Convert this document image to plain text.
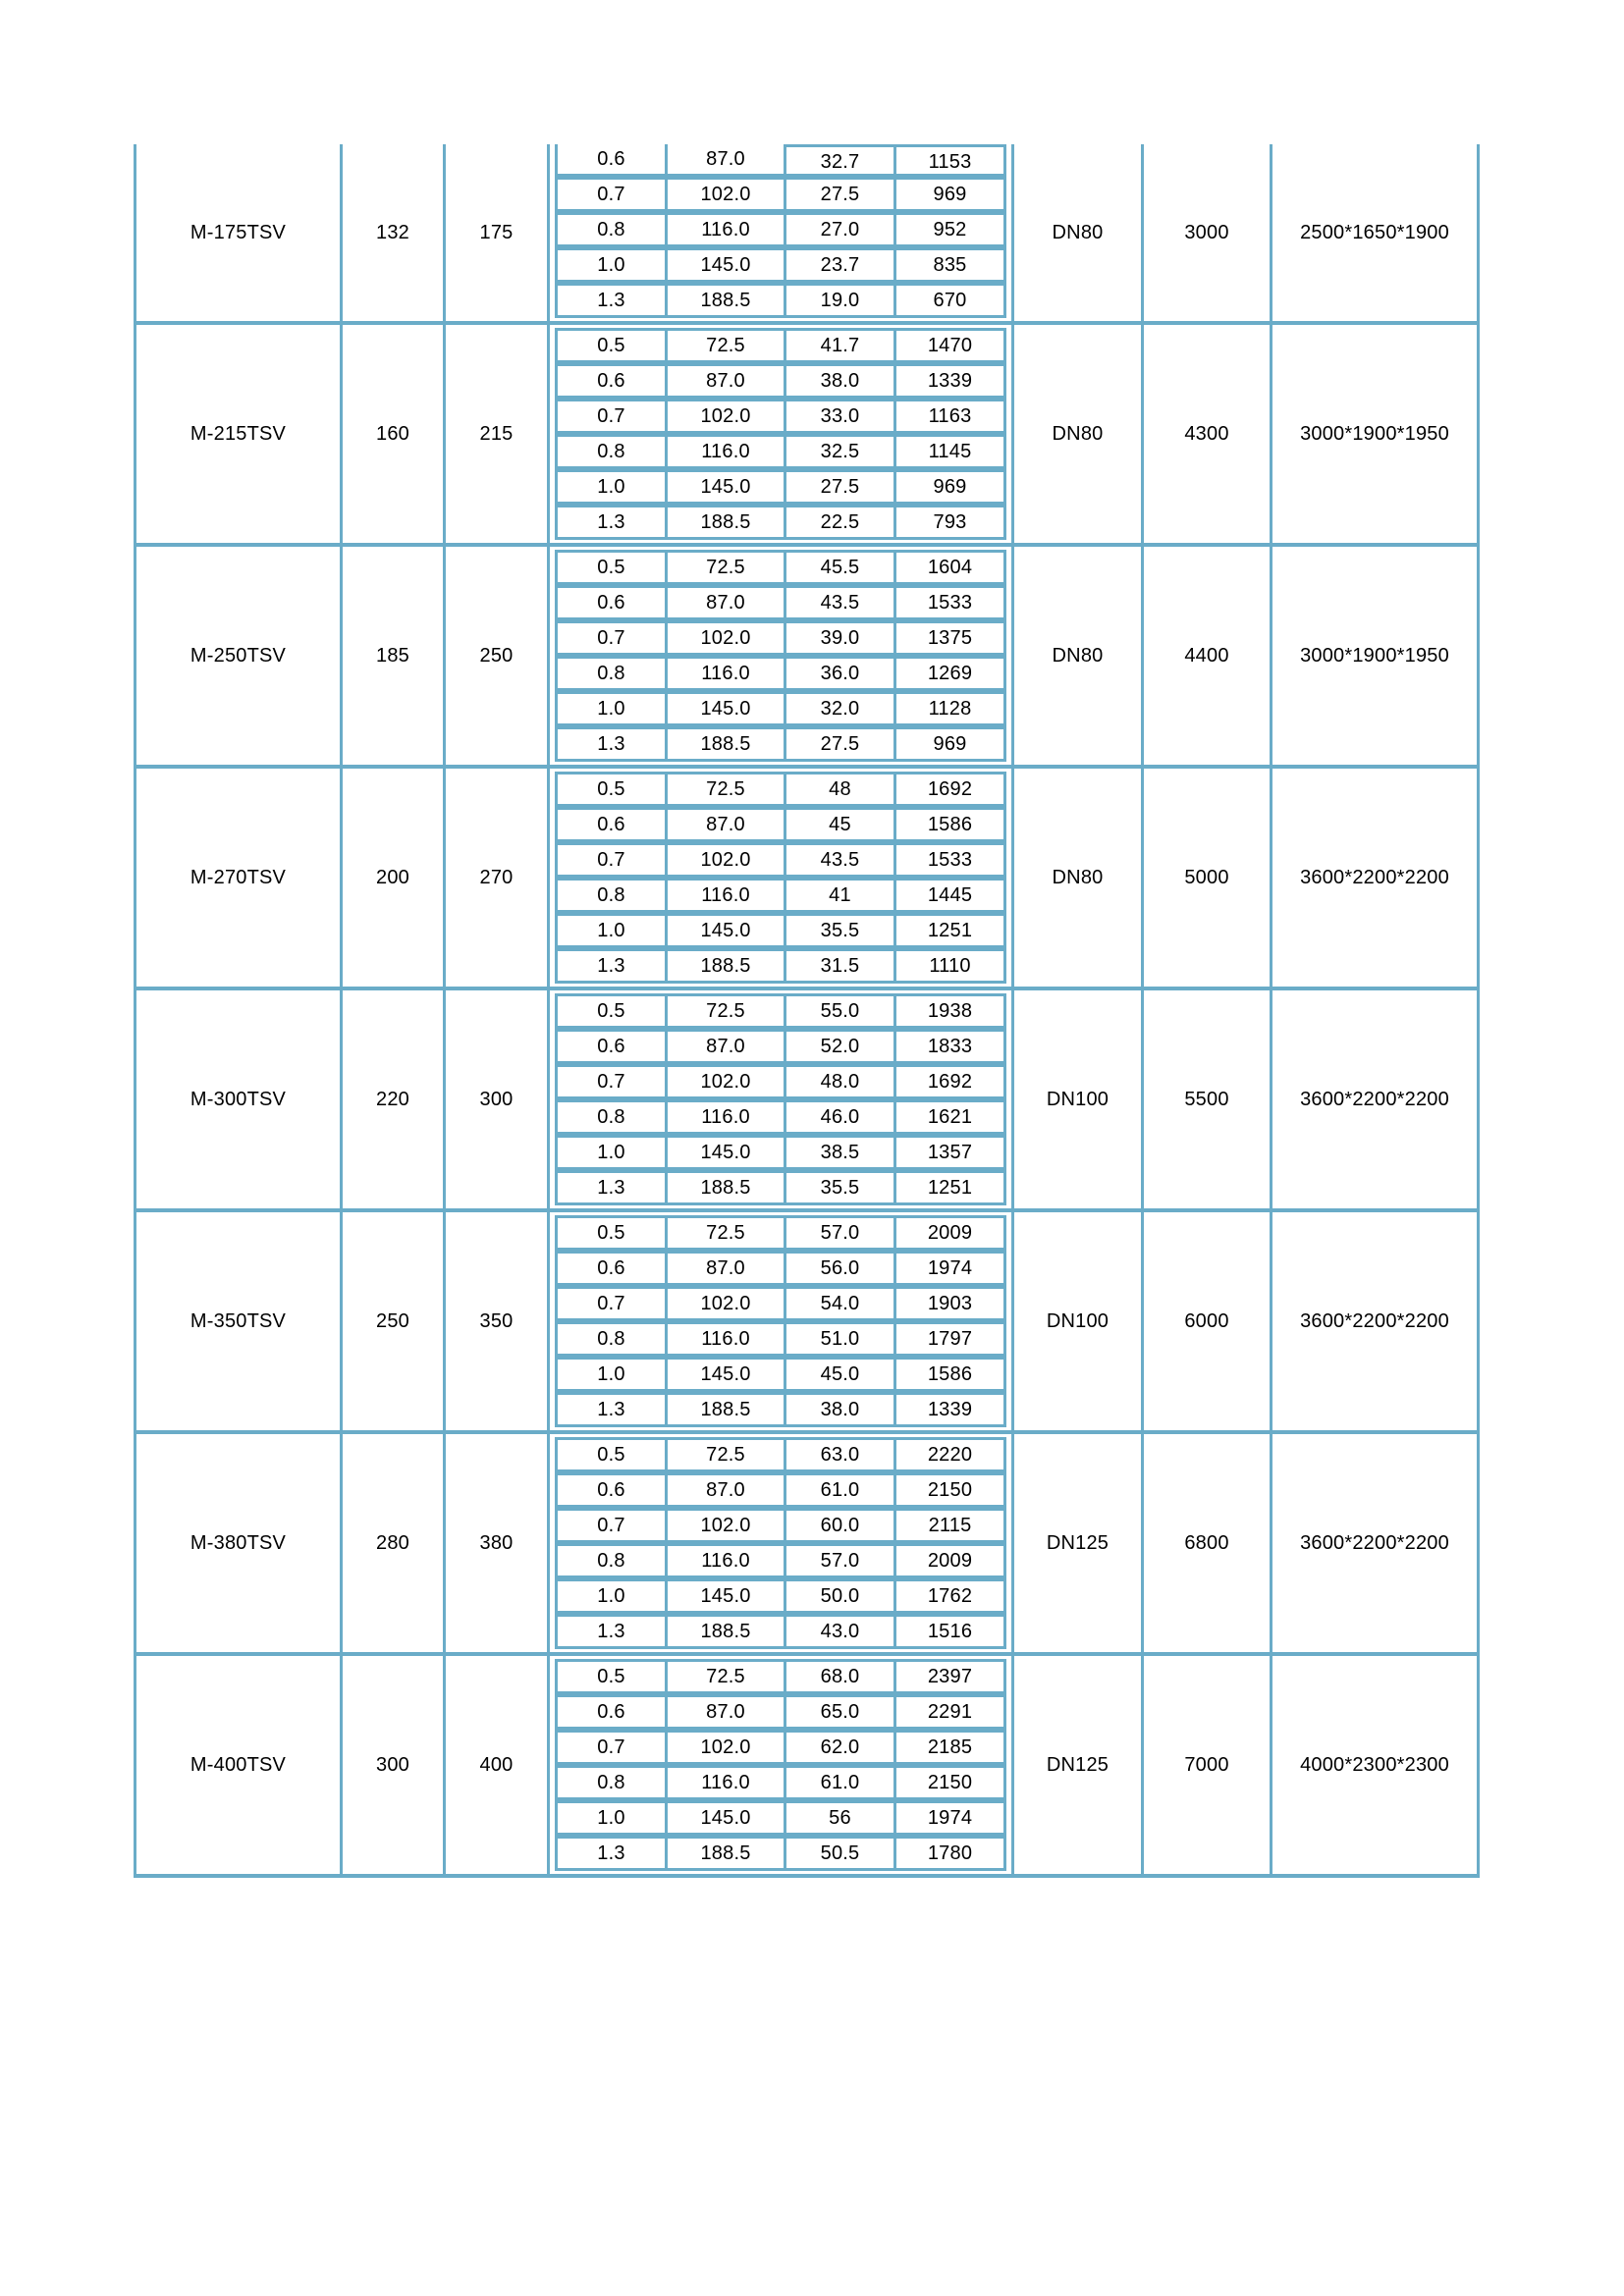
M-175TSV	132	175
0.6	87.0	32.7	1153
0.7	102.0	27.5	969
0.8	116.0	27.0	952
1.0	145.0	23.7	835
1.3	188.5	19.0	670
DN80	3000	2500*1650*1900
M-215TSV	160	215
0.5	72.5	41.7	1470
0.6	87.0	38.0	1339
0.7	102.0	33.0	1163
0.8	116.0	32.5	1145
1.0	145.0	27.5	969
1.3	188.5	22.5	793
DN80	4300	3000*1900*1950
M-250TSV	185	250
0.5	72.5	45.5	1604
0.6	87.0	43.5	1533
0.7	102.0	39.0	1375
0.8	116.0	36.0	1269
1.0	145.0	32.0	1128
1.3	188.5	27.5	969
DN80	4400	3000*1900*1950
M-270TSV	200	270
0.5	72.5	48	1692
0.6	87.0	45	1586
0.7	102.0	43.5	1533
0.8	116.0	41	1445
1.0	145.0	35.5	1251
1.3	188.5	31.5	1110
DN80	5000	3600*2200*2200
M-300TSV	220	300
0.5	72.5	55.0	1938
0.6	87.0	52.0	1833
0.7	102.0	48.0	1692
0.8	116.0	46.0	1621
1.0	145.0	38.5	1357
1.3	188.5	35.5	1251
DN100	5500	3600*2200*2200
M-350TSV	250	350
0.5	72.5	57.0	2009
0.6	87.0	56.0	1974
0.7	102.0	54.0	1903
0.8	116.0	51.0	1797
1.0	145.0	45.0	1586
1.3	188.5	38.0	1339
DN100	6000	3600*2200*2200
M-380TSV	280	380
0.5	72.5	63.0	2220
0.6	87.0	61.0	2150
0.7	102.0	60.0	2115
0.8	116.0	57.0	2009
1.0	145.0	50.0	1762
1.3	188.5	43.0	1516
DN125	6800	3600*2200*2200
M-400TSV	300	400
0.5	72.5	68.0	2397
0.6	87.0	65.0	2291
0.7	102.0	62.0	2185
0.8	116.0	61.0	2150
1.0	145.0	56	1974
1.3	188.5	50.5	1780
DN125	7000	4000*2300*2300
